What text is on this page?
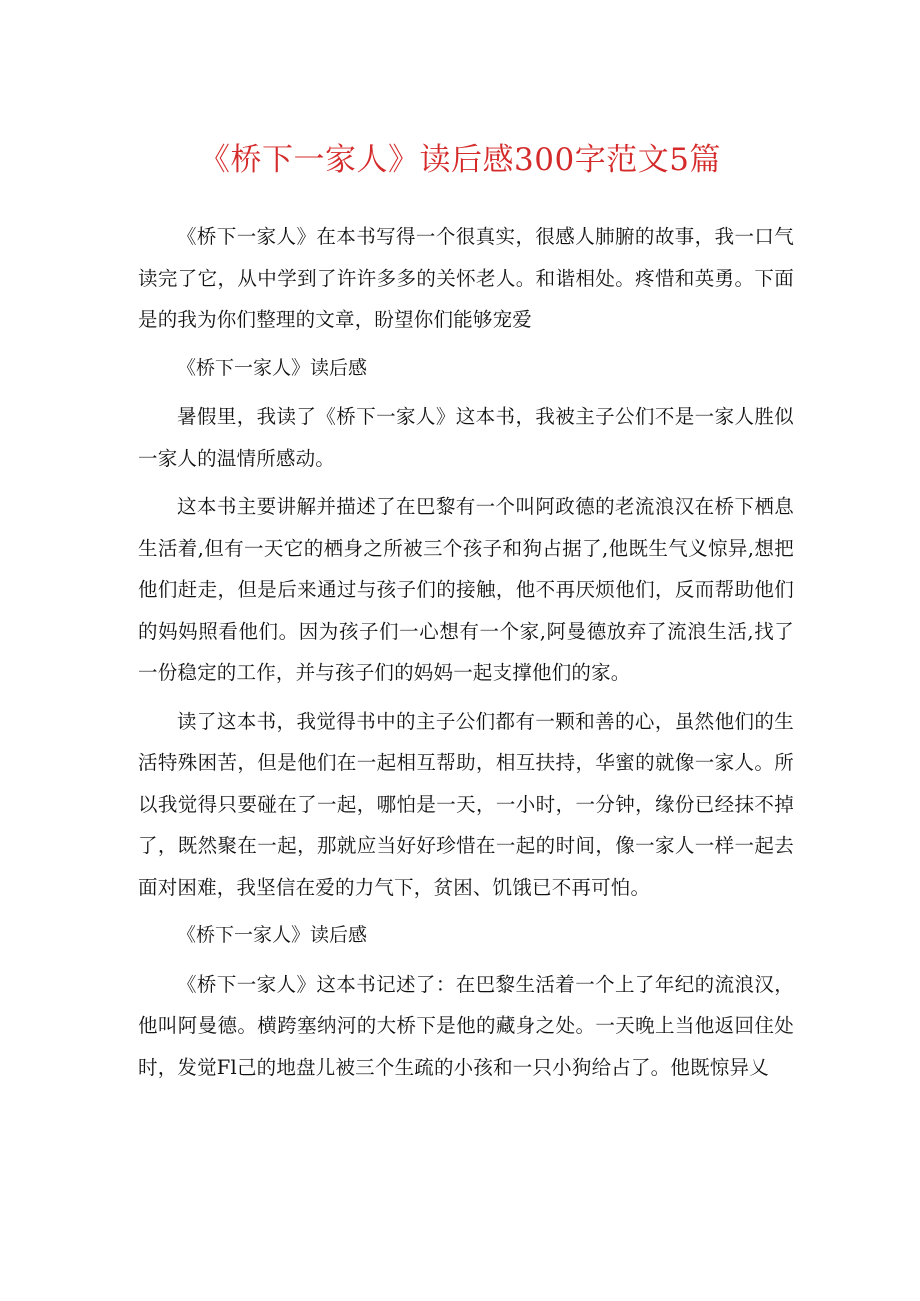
《桥下一家人》读后感300字范文5篇

《桥下一家人》在本书写得一个很真实，很感人肺腑的故事，我一口气读完了它，从中学到了许许多多的关怀老人。和谐相处。疼惜和英勇。下面是的我为你们整理的文章，盼望你们能够宠爱

《桥下一家人》读后感

暑假里，我读了《桥下一家人》这本书，我被主子公们不是一家人胜似一家人的温情所感动。

这本书主要讲解并描述了在巴黎有一个叫阿政德的老流浪汉在桥下栖息生活着,但有一天它的栖身之所被三个孩子和狗占据了,他既生气义惊异,想把他们赶走，但是后来通过与孩子们的接触，他不再厌烦他们，反而帮助他们的妈妈照看他们。因为孩子们一心想有一个家,阿曼德放弃了流浪生活,找了一份稳定的工作，并与孩子们的妈妈一起支撑他们的家。

读了这本书，我觉得书中的主子公们都有一颗和善的心，虽然他们的生活特殊困苦，但是他们在一起相互帮助，相互扶持，华蜜的就像一家人。所以我觉得只要碰在了一起，哪怕是一天，一小时，一分钟，缘份已经抹不掉了，既然聚在一起，那就应当好好珍惜在一起的时间，像一家人一样一起去面对困难，我坚信在爱的力气下，贫困、饥饿已不再可怕。

《桥下一家人》读后感

《桥下一家人》这本书记述了：在巴黎生活着一个上了年纪的流浪汉，他叫阿曼德。横跨塞纳河的大桥下是他的藏身之处。一天晚上当他返回住处时，发觉Fl己的地盘儿被三个生疏的小孩和一只小狗给占了。他既惊异乂
